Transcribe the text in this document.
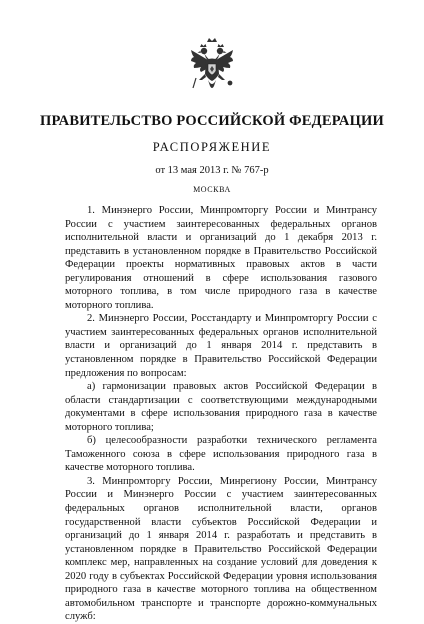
ПРАВИТЕЛЬСТВО РОССИЙСКОЙ ФЕДЕРАЦИИ
РАСПОРЯЖЕНИЕ
от 13 мая 2013 г. № 767-р
МОСКВА

1. Минэнерго России, Минпромторгу России и Минтрансу России с участием заинтересованных федеральных органов исполнительной власти и организаций до 1 декабря 2013 г. представить в установленном порядке в Правительство Российской Федерации проекты нормативных правовых актов в части регулирования отношений в сфере использования газового моторного топлива, в том числе природного газа в качестве моторного топлива.

2. Минэнерго России, Росстандарту и Минпромторгу России с участием заинтересованных федеральных органов исполнительной власти и организаций до 1 января 2014 г. представить в установленном порядке в Правительство Российской Федерации предложения по вопросам:

а) гармонизации правовых актов Российской Федерации в области стандартизации с соответствующими международными документами в сфере использования природного газа в качестве моторного топлива;

б) целесообразности разработки технического регламента Таможенного союза в сфере использования природного газа в качестве моторного топлива.

3. Минпромторгу России, Минрегиону России, Минтрансу России и Минэнерго России с участием заинтересованных федеральных органов исполнительной власти, органов государственной власти субъектов Российской Федерации и организаций до 1 января 2014 г. разработать и представить в установленном порядке в Правительство Российской Федерации комплекс мер, направленных на создание условий для доведения к 2020 году в субъектах Российской Федерации уровня использования природного газа в качестве моторного топлива на общественном автомобильном транспорте и транспорте дорожно-коммунальных служб:
